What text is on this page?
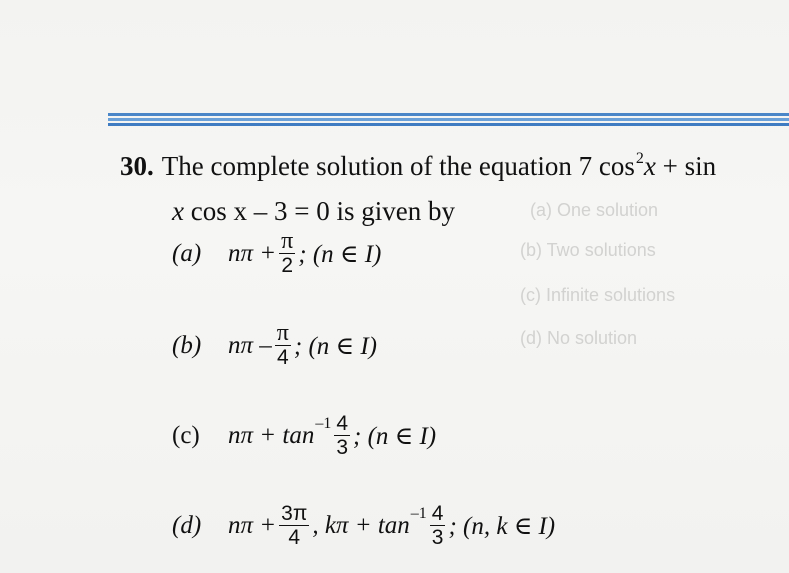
(a) One solution
(b) Two solutions
(c) Infinite solutions
(d) No solution
30. The complete solution of the equation 7 $\cos^2x + \sin$
x cos x – 3 = 0 is given by
(a)	$n\pi + \frac{\pi}{2}$ ; (n ∈ I)
(b)	nπ – $\frac{\pi}{4}$ ; (n ∈ I)
(c)	$n\pi + \tan -1 \frac{4}{3}$ ; (n ∈ I)
(d)	$n\pi + \frac{3\pi}{4}$ , $k\pi + \tan -1 \frac{4}{3}$ ; (n, k ∈ I)
